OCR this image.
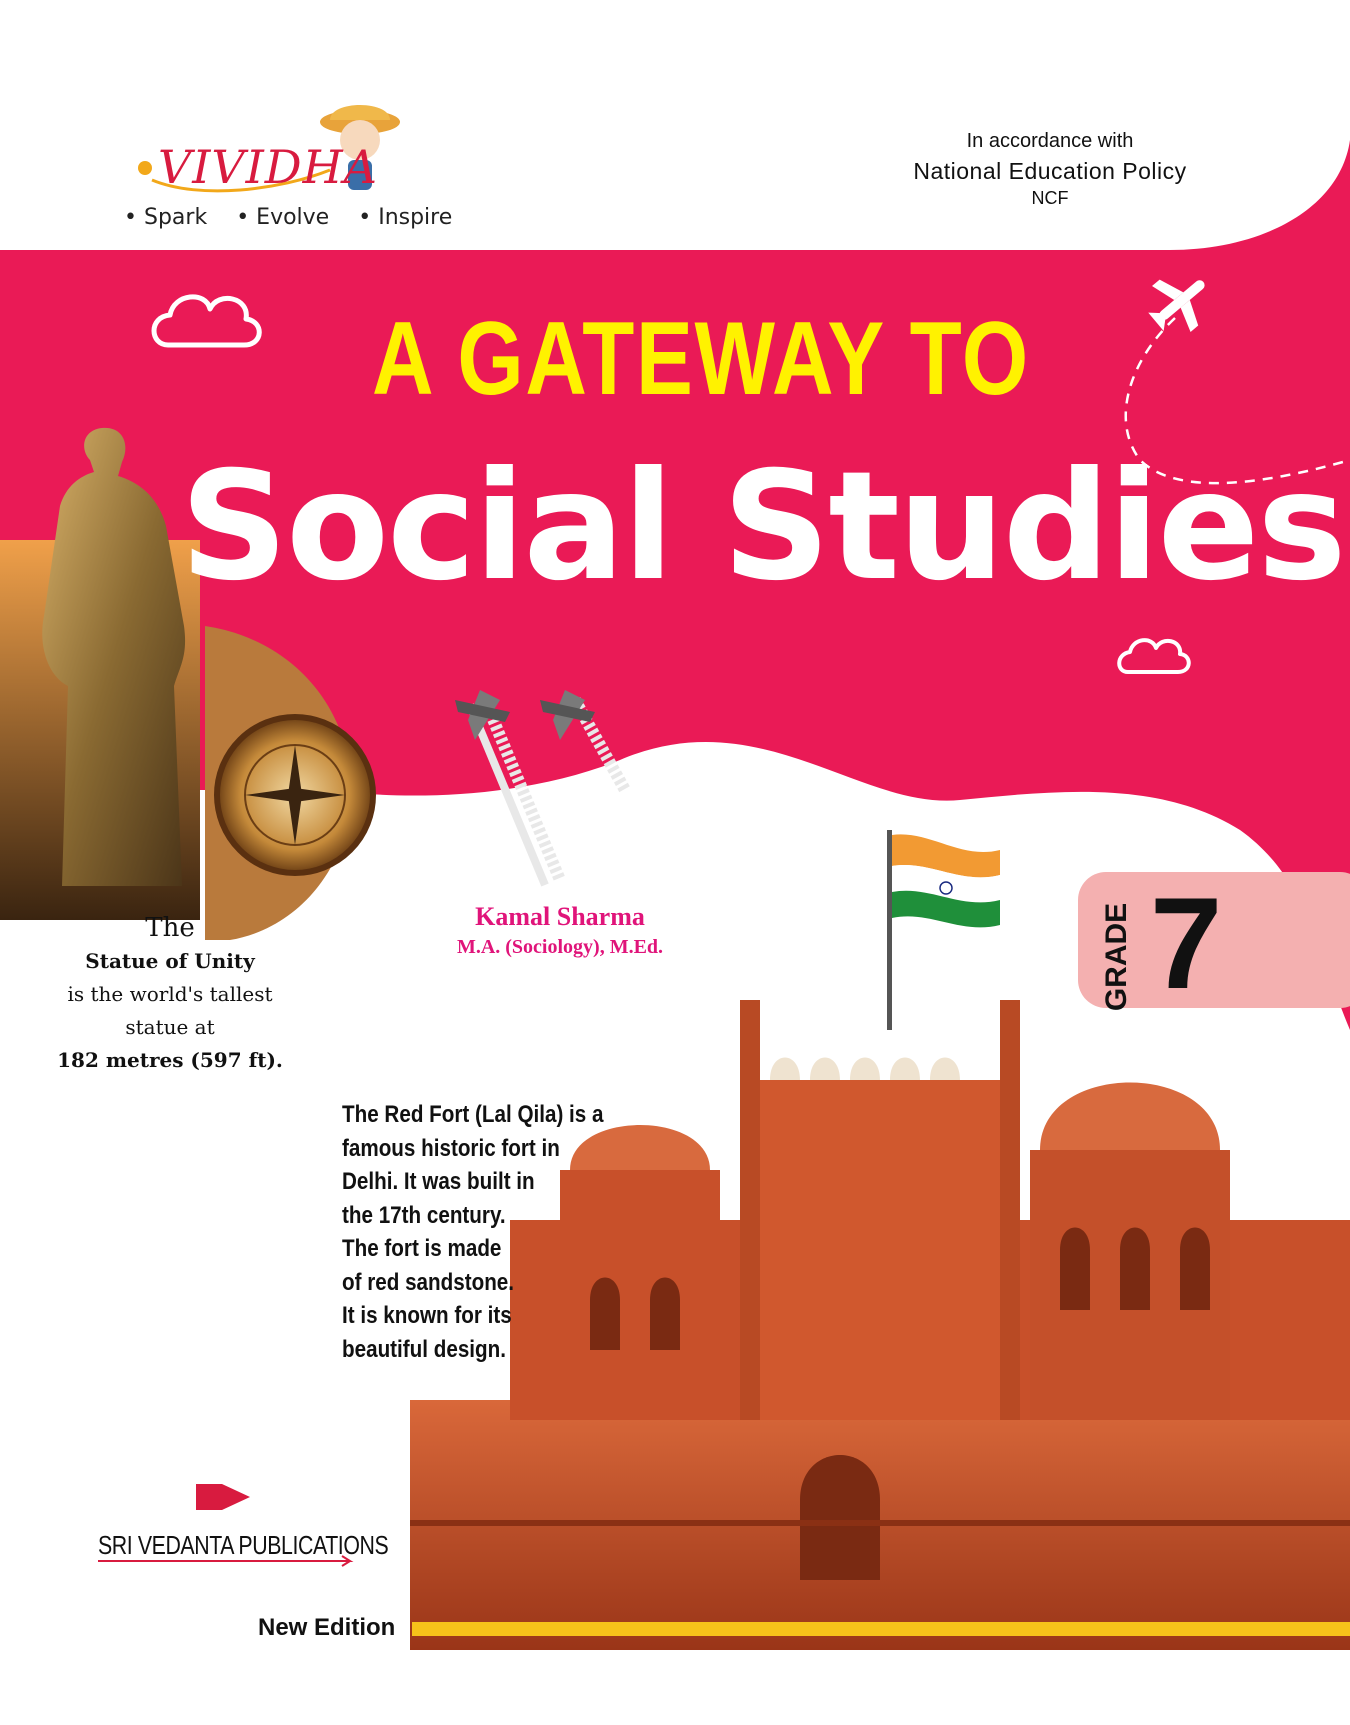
VIVIDHA
• Spark • Evolve • Inspire
In accordance with
National Education Policy
NCF
A GATEWAY TO
Social Studies
Kamal Sharma
M.A. (Sociology), M.Ed.	GRADE 7
The
Statue of Unity
is the world's tallest
statue at
182 metres (597 ft).
The Red Fort (Lal Qila) is a
famous historic fort in
Delhi. It was built in
the 17th century.
The fort is made
of red sandstone.
It is known for its
beautiful design.
SRI VEDANTA PUBLICATIONS
New Edition
